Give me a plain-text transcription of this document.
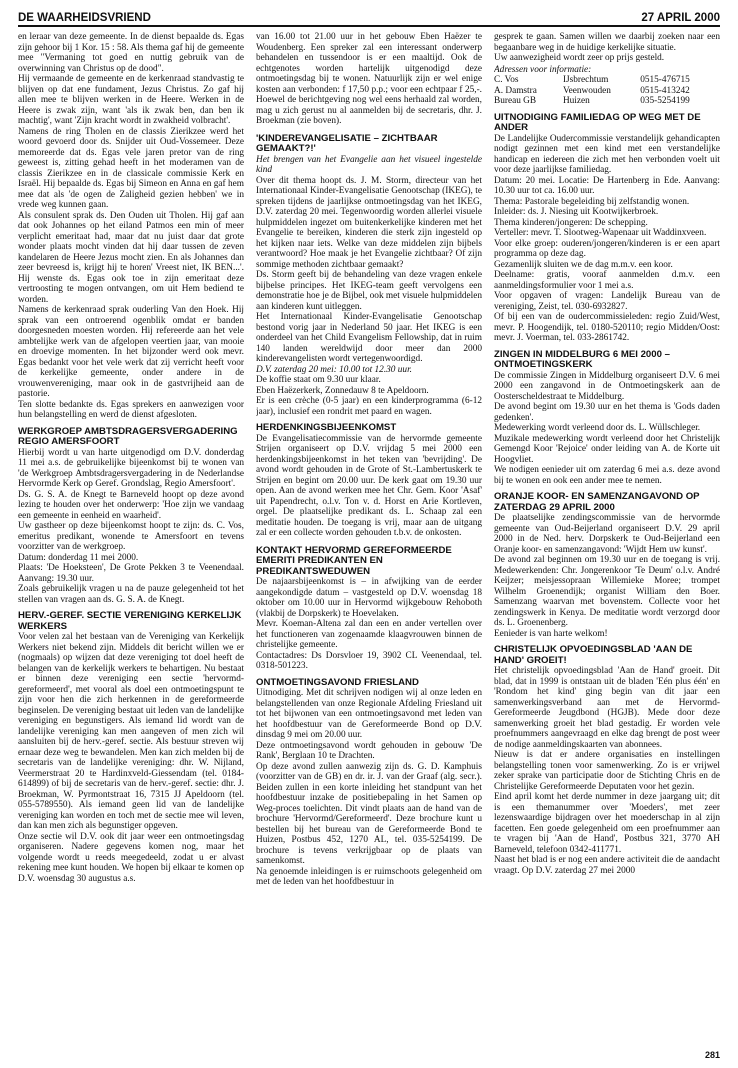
DE WAARHEIDSVRIEND	27 APRIL 2000

en leraar van deze gemeente. In de dienst bepaalde ds. Egas zijn gehoor bij 1 Kor. 15 : 58. Als thema gaf hij de gemeente mee "Vermaning tot goed en nuttig gebruik van de overwinning van Christus op de dood".

Hij vermaande de gemeente en de kerkenraad standvastig te blijven op dat ene fundament, Jezus Christus. Zo gaf hij allen mee te blijven werken in de Heere. Werken in de Heere is zwak zijn, want 'als ik zwak ben, dan ben ik machtig', want 'Zijn kracht wordt in zwakheid volbracht'.

Namens de ring Tholen en de classis Zierikzee werd het woord gevoerd door ds. Snijder uit Oud-Vossemeer. Deze memoreerde dat ds. Egas vele jaren pretor van de ring geweest is, zitting gehad heeft in het moderamen van de classis Zierikzee en in de classicale commissie Kerk en Israël. Hij bepaalde ds. Egas bij Simeon en Anna en gaf hem mee dat als 'de ogen de Zaligheid gezien hebben' we in vrede weg kunnen gaan.

Als consulent sprak ds. Den Ouden uit Tholen. Hij gaf aan dat ook Johannes op het eiland Patmos een min of meer verplicht emeritaat had, maar dat nu juist daar dat grote wonder plaats mocht vinden dat hij daar tussen de zeven kandelaren de Heere Jezus mocht zien. En als Johannes dan zeer bevreesd is, krijgt hij te horen' Vreest niet, IK BEN...'. Hij wenste ds. Egas ook toe in zijn emeritaat deze vertroosting te mogen ontvangen, om uit Hem bediend te worden.

Namens de kerkenraad sprak ouderling Van den Hoek. Hij sprak van een ontroerend ogenblik omdat er banden doorgesneden moesten worden. Hij refereerde aan het vele ambtelijke werk van de afgelopen veertien jaar, van mooie en droevige momenten. In het bijzonder werd ook mevr. Egas bedankt voor het vele werk dat zij verricht heeft voor de kerkelijke gemeente, onder andere in de vrouwenvereniging, maar ook in de gastvrijheid aan de pastorie.

Ten slotte bedankte ds. Egas sprekers en aanwezigen voor hun belangstelling en werd de dienst afgesloten.

WERKGROEP AMBTSDRAGERSVERGADERING REGIO AMERSFOORT

Hierbij wordt u van harte uitgenodigd om D.V. donderdag 11 mei a.s. de gebruikelijke bijeenkomst bij te wonen van 'de Werkgroep Ambtsdragersvergadering in de Nederlandse Hervormde Kerk op Geref. Grondslag, Regio Amersfoort'.

Ds. G. S. A. de Knegt te Barneveld hoopt op deze avond lezing te houden over het onderwerp: 'Hoe zijn we vandaag een gemeente in eenheid en waarheid'.

Uw gastheer op deze bijeenkomst hoopt te zijn: ds. C. Vos, emeritus predikant, wonende te Amersfoort en tevens voorzitter van de werkgroep.

Datum: donderdag 11 mei 2000.

Plaats: 'De Hoeksteen', De Grote Pekken 3 te Veenendaal. Aanvang: 19.30 uur.

Zoals gebruikelijk vragen u na de pauze gelegenheid tot het stellen van vragen aan ds. G. S. A. de Knegt.

HERV.-GEREF. SECTIE VERENIGING KERKELIJK WERKERS

Voor velen zal het bestaan van de Vereniging van Kerkelijk Werkers niet bekend zijn. Middels dit bericht willen we er (nogmaals) op wijzen dat deze vereniging tot doel heeft de belangen van de kerkelijk werkers te behartigen. Nu bestaat er binnen deze vereniging een sectie 'hervormd-gereformeerd', met vooral als doel een ontmoetingspunt te zijn voor hen die zich herkennen in de gereformeerde beginselen. De vereniging bestaat uit leden van de landelijke vereniging en begunstigers. Als iemand lid wordt van de landelijke vereniging kan men aangeven of men zich wil aansluiten bij de herv.-geref. sectie. Als bestuur streven wij ernaar deze weg te bewandelen. Men kan zich melden bij de secretaris van de landelijke vereniging: dhr. W. Nijland, Veermerstraat 20 te Hardinxveld-Giessendam (tel. 0184-614899) of bij de secretaris van de herv.-geref. sectie: dhr. J. Broekman, W. Pyrmontstraat 16, 7315 JJ Apeldoorn (tel. 055-5789550). Als iemand geen lid van de landelijke vereniging kan worden en toch met de sectie mee wil leven, dan kan men zich als begunstiger opgeven.

Onze sectie wil D.V. ook dit jaar weer een ontmoetingsdag organiseren. Nadere gegevens komen nog, maar het volgende wordt u reeds meegedeeld, zodat u er alvast rekening mee kunt houden. We hopen bij elkaar te komen op D.V. woensdag 30 augustus a.s.

van 16.00 tot 21.00 uur in het gebouw Eben Haëzer te Woudenberg. Een spreker zal een interessant onderwerp behandelen en tussendoor is er een maaltijd. Ook de echtgenotes worden hartelijk uitgenodigd deze ontmoetingsdag bij te wonen. Natuurlijk zijn er wel enige kosten aan verbonden: f 17,50 p.p.; voor een echtpaar f 25,-. Hoewel de berichtgeving nog wel eens herhaald zal worden, mag u zich gerust nu al aanmelden bij de secretaris, dhr. J. Broekman (zie boven).

'KINDEREVANGELISATIE – ZICHTBAAR GEMAAKT?!'

Het brengen van het Evangelie aan het visueel ingestelde kind

Over dit thema hoopt ds. J. M. Storm, directeur van het Internationaal Kinder-Evangelisatie Genootschap (IKEG), te spreken tijdens de jaarlijkse ontmoetingsdag van het IKEG, D.V. zaterdag 20 mei. Tegenwoordig worden allerlei visuele hulpmiddelen ingezet om buitenkerkelijke kinderen met het Evangelie te bereiken, kinderen die sterk zijn ingesteld op het kijken naar iets. Welke van deze middelen zijn bijbels verantwoord? Hoe maak je het Evangelie zichtbaar? Of zijn sommige methoden zichtbaar gemaakt?

Ds. Storm geeft bij de behandeling van deze vragen enkele bijbelse principes. Het IKEG-team geeft vervolgens een demonstratie hoe je de Bijbel, ook met visuele hulpmiddelen aan kinderen kunt uitleggen.

Het Internationaal Kinder-Evangelisatie Genootschap bestond vorig jaar in Nederland 50 jaar. Het IKEG is een onderdeel van het Child Evangelism Fellowship, dat in ruim 140 landen wereldwijd door meer dan 2000 kinderevangelisten wordt vertegenwoordigd.

D.V. zaterdag 20 mei: 10.00 tot 12.30 uur.

De koffie staat om 9.30 uur klaar.

Eben Haëzerkerk, Zonnedauw 8 te Apeldoorn.

Er is een crèche (0-5 jaar) en een kinderprogramma (6-12 jaar), inclusief een rondrit met paard en wagen.

HERDENKINGSBIJEENKOMST

De Evangelisatiecommissie van de hervormde gemeente Strijen organiseert op D.V. vrijdag 5 mei 2000 een herdenkingsbijeenkomst in het teken van 'bevrijding'. De avond wordt gehouden in de Grote of St.-Lambertuskerk te Strijen en begint om 20.00 uur. De kerk gaat om 19.30 uur open. Aan de avond werken mee het Chr. Gem. Koor 'Asaf' uit Papendrecht, o.l.v. Ton v. d. Horst en Arie Kortleven, orgel. De plaatselijke predikant ds. L. Schaap zal een meditatie houden. De toegang is vrij, maar aan de uitgang zal er een collecte worden gehouden t.b.v. de onkosten.

KONTAKT HERVORMD GEREFORMEERDE EMERITI PREDIKANTEN EN PREDIKANTSWEDUWEN

De najaarsbijeenkomst is – in afwijking van de eerder aangekondigde datum – vastgesteld op D.V. woensdag 18 oktober om 10.00 uur in Hervormd wijkgebouw Rehoboth (vlakbij de Dorpskerk) te Hoevelaken.

Mevr. Koeman-Altena zal dan een en ander vertellen over het functioneren van zogenaamde klaagvrouwen binnen de christelijke gemeente.

Contactadres: Ds Dorsvloer 19, 3902 CL Veenendaal, tel. 0318-501223.

ONTMOETINGSAVOND FRIESLAND

Uitnodiging. Met dit schrijven nodigen wij al onze leden en belangstellenden van onze Regionale Afdeling Friesland uit tot het bijwonen van een ontmoetingsavond met leden van het hoofdbestuur van de Gereformeerde Bond op D.V. dinsdag 9 mei om 20.00 uur.

Deze ontmoetingsavond wordt gehouden in gebouw 'De Rank', Berglaan 10 te Drachten.

Op deze avond zullen aanwezig zijn ds. G. D. Kamphuis (voorzitter van de GB) en dr. ir. J. van der Graaf (alg. secr.). Beiden zullen in een korte inleiding het standpunt van het hoofdbestuur inzake de positiebepaling in het Samen op Weg-proces toelichten. Dit vindt plaats aan de hand van de brochure 'Hervormd/Gereformeerd'. Deze brochure kunt u bestellen bij het bureau van de Gereformeerde Bond te Huizen, Postbus 452, 1270 AL, tel. 035-5254199. De brochure is tevens verkrijgbaar op de plaats van samenkomst.

Na genoemde inleidingen is er ruimschoots gelegenheid om met de leden van het hoofdbestuur in

gesprek te gaan. Samen willen we daarbij zoeken naar een begaanbare weg in de huidige kerkelijke situatie.

Uw aanwezigheid wordt zeer op prijs gesteld.

Adressen voor informatie:		
C. Vos	IJsbrechtum	0515-476715
A. Damstra	Veenwouden	0515-413242
Bureau GB	Huizen	035-5254199
UITNODIGING FAMILIEDAG OP WEG MET DE ANDER

De Landelijke Oudercommissie verstandelijk gehandicapten nodigt gezinnen met een kind met een verstandelijke handicap en iedereen die zich met hen verbonden voelt uit voor deze jaarlijkse familiedag.

Datum: 20 mei. Locatie: De Hartenberg in Ede. Aanvang: 10.30 uur tot ca. 16.00 uur.

Thema: Pastorale begeleiding bij zelfstandig wonen.

Inleider: ds. J. Niesing uit Kootwijkerbroek.

Thema kinderen/jongeren: De schepping.

Verteller: mevr. T. Slootweg-Wapenaar uit Waddinxveen.

Voor elke groep: ouderen/jongeren/kinderen is er een apart programma op deze dag.

Gezamenlijk sluiten we de dag m.m.v. een koor.

Deelname: gratis, vooraf aanmelden d.m.v. een aanmeldingsformulier voor 1 mei a.s.

Voor opgaven of vragen: Landelijk Bureau van de vereniging, Zeist, tel. 030-6932827.

Of bij een van de oudercommissieleden: regio Zuid/West, mevr. P. Hoogendijk, tel. 0180-520110; regio Midden/Oost: mevr. J. Voerman, tel. 033-2861742.

ZINGEN IN MIDDELBURG 6 MEI 2000 – ONTMOETINGSKERK

De commissie Zingen in Middelburg organiseert D.V. 6 mei 2000 een zangavond in de Ontmoetingskerk aan de Oosterscheldestraat te Middelburg.

De avond begint om 19.30 uur en het thema is 'Gods daden gedenken'.

Medewerking wordt verleend door ds. L. Wüllschleger.

Muzikale medewerking wordt verleend door het Christelijk Gemengd Koor 'Rejoice' onder leiding van A. de Korte uit Hoogvliet.

We nodigen eenieder uit om zaterdag 6 mei a.s. deze avond bij te wonen en ook een ander mee te nemen.

ORANJE KOOR- EN SAMENZANGAVOND OP ZATERDAG 29 APRIL 2000

De plaatselijke zendingscommissie van de hervormde gemeente van Oud-Beijerland organiseert D.V. 29 april 2000 in de Ned. herv. Dorpskerk te Oud-Beijerland een Oranje koor- en samenzangavond: 'Wijdt Hem uw kunst'.

De avond zal beginnen om 19.30 uur en de toegang is vrij. Medewerkenden: Chr. Jongerenkoor 'Te Deum' o.l.v. André Keijzer; meisjessopraan Willemieke Moree; trompet Wilhelm Groenendijk; organist William den Boer. Samenzang waarvan met bovenstem. Collecte voor het zendingswerk in Kenya. De meditatie wordt verzorgd door ds. L. Groenenberg.

Eenieder is van harte welkom!

CHRISTELIJK OPVOEDINGSBLAD 'AAN DE HAND' GROEIT!

Het christelijk opvoedingsblad 'Aan de Hand' groeit. Dit blad, dat in 1999 is ontstaan uit de bladen 'Eén plus één' en 'Rondom het kind' ging begin van dit jaar een samenwerkingsverband aan met de Hervormd-Gereformeerde Jeugdbond (HGJB). Mede door deze samenwerking groeit het blad gestadig. Er worden vele proefnummers aangevraagd en elke dag brengt de post weer de nodige aanmeldingskaarten van abonnees.

Nieuw is dat er andere organisaties en instellingen belangstelling tonen voor samenwerking. Zo is er vrijwel zeker sprake van participatie door de Stichting Chris en de Christelijke Gereformeerde Deputaten voor het gezin.

Eind april komt het derde nummer in deze jaargang uit; dit is een themanummer over 'Moeders', met zeer lezenswaardige bijdragen over het moederschap in al zijn facetten. Een goede gelegenheid om een proefnummer aan te vragen bij 'Aan de Hand', Postbus 321, 3770 AH Barneveld, telefoon 0342-411771.

Naast het blad is er nog een andere activiteit die de aandacht vraagt. Op D.V. zaterdag 27 mei 2000

281
